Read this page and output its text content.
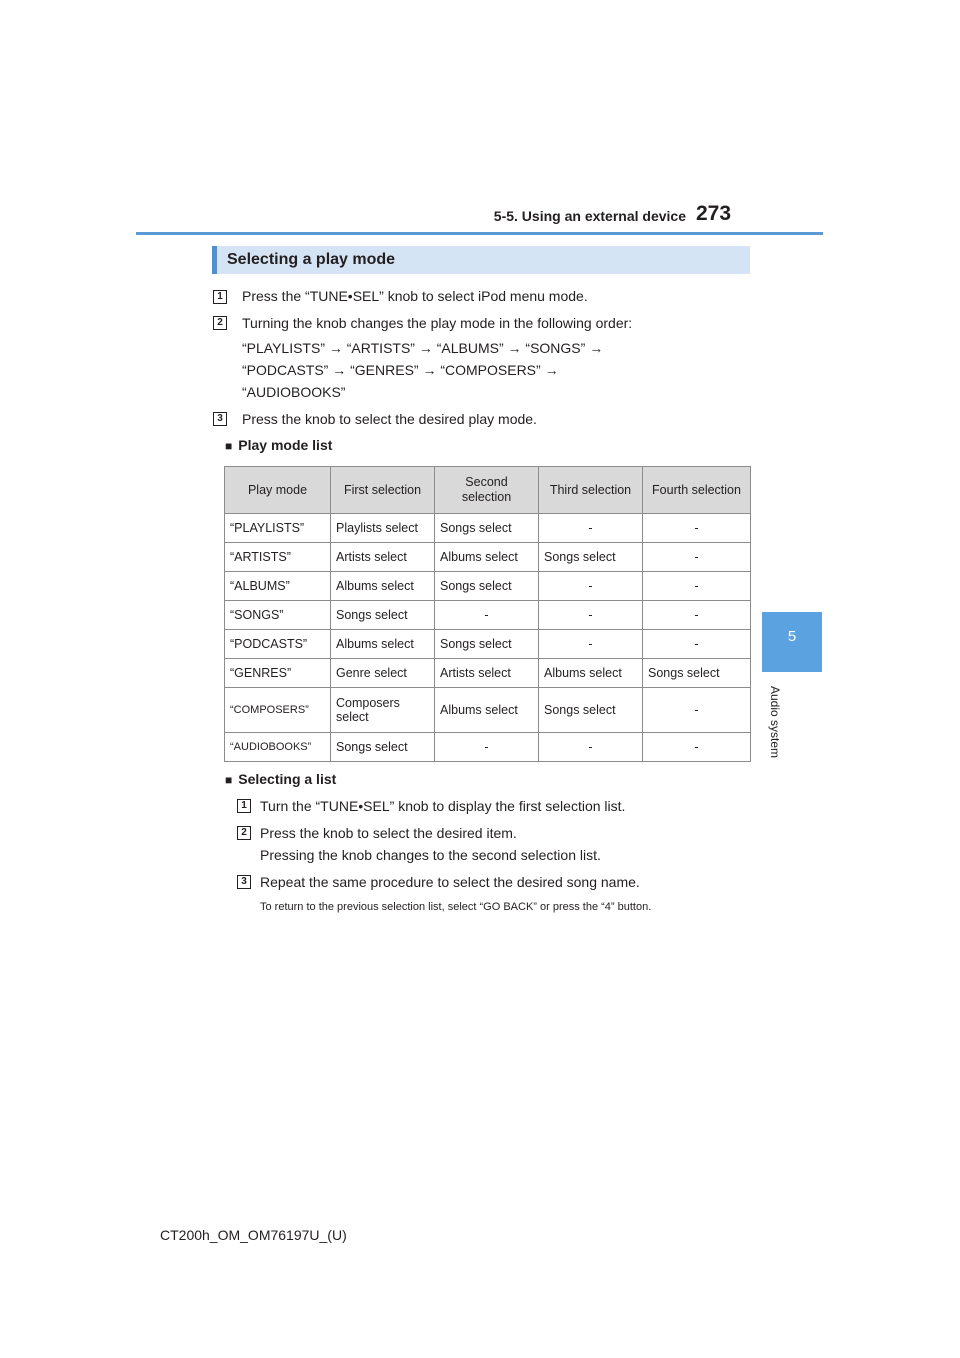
5-5. Using an external device 273
5
Audio system
Selecting a play mode
1	Press the “TUNE•SEL” knob to select iPod menu mode.
2	Turning the knob changes the play mode in the following order:
“PLAYLISTS” → “ARTISTS” → “ALBUMS” → “SONGS” →
“PODCASTS” → “GENRES” → “COMPOSERS” →
“AUDIOBOOKS”
3	Press the knob to select the desired play mode.
■ Play mode list
Play mode	First selection	Second selection	Third selection	Fourth selection
“PLAYLISTS”	Playlists select	Songs select	-	-
“ARTISTS”	Artists select	Albums select	Songs select	-
“ALBUMS”	Albums select	Songs select	-	-
“SONGS”	Songs select	-	-	-
“PODCASTS”	Albums select	Songs select	-	-
“GENRES”	Genre select	Artists select	Albums select	Songs select
“COMPOSERS”	Composers select	Albums select	Songs select	-
“AUDIOBOOKS”	Songs select	-	-	-
■ Selecting a list
1 Turn the “TUNE•SEL” knob to display the first selection list.
2 Press the knob to select the desired item.
Pressing the knob changes to the second selection list.
3 Repeat the same procedure to select the desired song name.
To return to the previous selection list, select “GO BACK” or press the “4” button.
CT200h_OM_OM76197U_(U)
